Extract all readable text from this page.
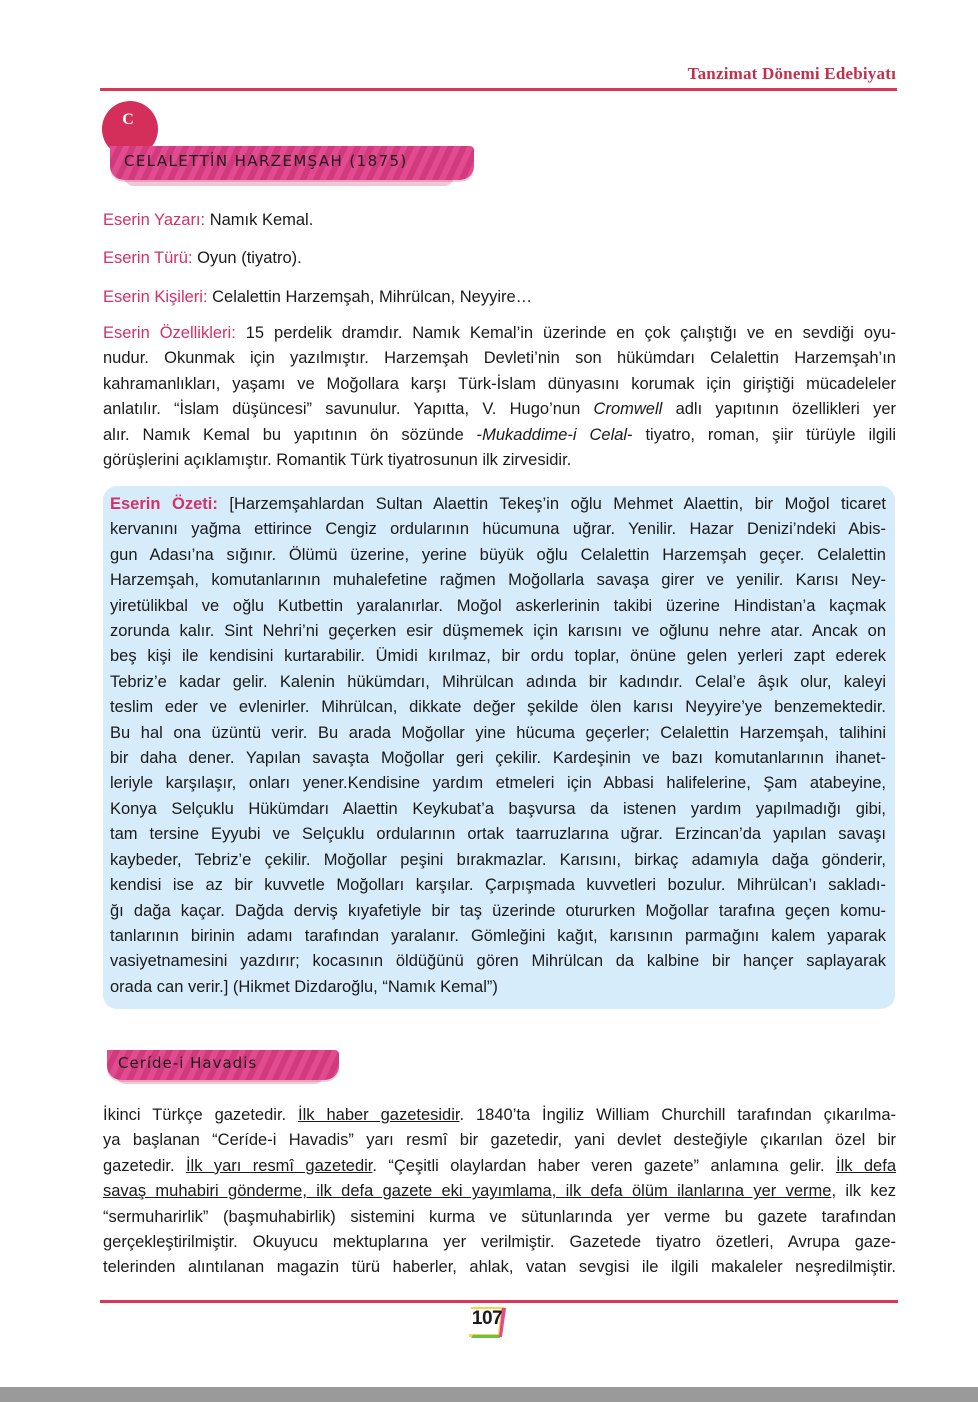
Tanzimat Dönemi Edebiyatı
C
CELALETTİN HARZEMŞAH (1875)
Eserin Yazarı: Namık Kemal.
Eserin Türü: Oyun (tiyatro).
Eserin Kişileri: Celalettin Harzemşah, Mihrülcan, Neyyire…
Eserin Özellikleri: 15 perdelik dramdır. Namık Kemal’in üzerinde en çok çalıştığı ve en sevdiği oyu-
nudur. Okunmak için yazılmıştır. Harzemşah Devleti’nin son hükümdarı Celalettin Harzemşah’ın
kahramanlıkları, yaşamı ve Moğollara karşı Türk-İslam dünyasını korumak için giriştiği mücadeleler
anlatılır. “İslam düşüncesi” savunulur. Yapıtta, V. Hugo’nun Cromwell adlı yapıtının özellikleri yer
alır. Namık Kemal bu yapıtının ön sözünde -Mukaddime-i Celal- tiyatro, roman, şiir türüyle ilgili
görüşlerini açıklamıştır. Romantik Türk tiyatrosunun ilk zirvesidir.
Eserin Özeti: [Harzemşahlardan Sultan Alaettin Tekeş’in oğlu Mehmet Alaettin, bir Moğol ticaret
kervanını yağma ettirince Cengiz ordularının hücumuna uğrar. Yenilir. Hazar Denizi’ndeki Abis-
gun Adası’na sığınır. Ölümü üzerine, yerine büyük oğlu Celalettin Harzemşah geçer. Celalettin
Harzemşah, komutanlarının muhalefetine rağmen Moğollarla savaşa girer ve yenilir. Karısı Ney-
yiretülikbal ve oğlu Kutbettin yaralanırlar. Moğol askerlerinin takibi üzerine Hindistan’a kaçmak
zorunda kalır. Sint Nehri’ni geçerken esir düşmemek için karısını ve oğlunu nehre atar. Ancak on
beş kişi ile kendisini kurtarabilir. Ümidi kırılmaz, bir ordu toplar, önüne gelen yerleri zapt ederek
Tebriz’e kadar gelir. Kalenin hükümdarı, Mihrülcan adında bir kadındır. Celal’e âşık olur, kaleyi
teslim eder ve evlenirler. Mihrülcan, dikkate değer şekilde ölen karısı Neyyire’ye benzemektedir.
Bu hal ona üzüntü verir. Bu arada Moğollar yine hücuma geçerler; Celalettin Harzemşah, talihini
bir daha dener. Yapılan savaşta Moğollar geri çekilir. Kardeşinin ve bazı komutanlarının ihanet-
leriyle karşılaşır, onları yener.Kendisine yardım etmeleri için Abbasi halifelerine, Şam atabeyine,
Konya Selçuklu Hükümdarı Alaettin Keykubat’a başvursa da istenen yardım yapılmadığı gibi,
tam tersine Eyyubi ve Selçuklu ordularının ortak taarruzlarına uğrar. Erzincan’da yapılan savaşı
kaybeder, Tebriz’e çekilir. Moğollar peşini bırakmazlar. Karısını, birkaç adamıyla dağa gönderir,
kendisi ise az bir kuvvetle Moğolları karşılar. Çarpışmada kuvvetleri bozulur. Mihrülcan’ı sakladı-
ğı dağa kaçar. Dağda derviş kıyafetiyle bir taş üzerinde otururken Moğollar tarafına geçen komu-
tanlarının birinin adamı tarafından yaralanır. Gömleğini kağıt, karısının parmağını kalem yaparak
vasiyetnamesini yazdırır; kocasının öldüğünü gören Mihrülcan da kalbine bir hançer saplayarak
orada can verir.] (Hikmet Dizdaroğlu, “Namık Kemal”)
Ceríde-i Havadis
İkinci Türkçe gazetedir. İlk haber gazetesidir. 1840’ta İngiliz William Churchill tarafından çıkarılma-
ya başlanan “Ceríde-i Havadis” yarı resmî bir gazetedir, yani devlet desteğiyle çıkarılan özel bir
gazetedir. İlk yarı resmî gazetedir. “Çeşitli olaylardan haber veren gazete” anlamına gelir. İlk defa
savaş muhabiri gönderme, ilk defa gazete eki yayımlama, ilk defa ölüm ilanlarına yer verme, ilk kez
“sermuharirlik” (başmuhabirlik) sistemini kurma ve sütunlarında yer verme bu gazete tarafından
gerçekleştirilmiştir. Okuyucu mektuplarına yer verilmiştir. Gazetede tiyatro özetleri, Avrupa gaze-
telerinden alıntılanan magazin türü haberler, ahlak, vatan sevgisi ile ilgili makaleler neşredilmiştir.
107
